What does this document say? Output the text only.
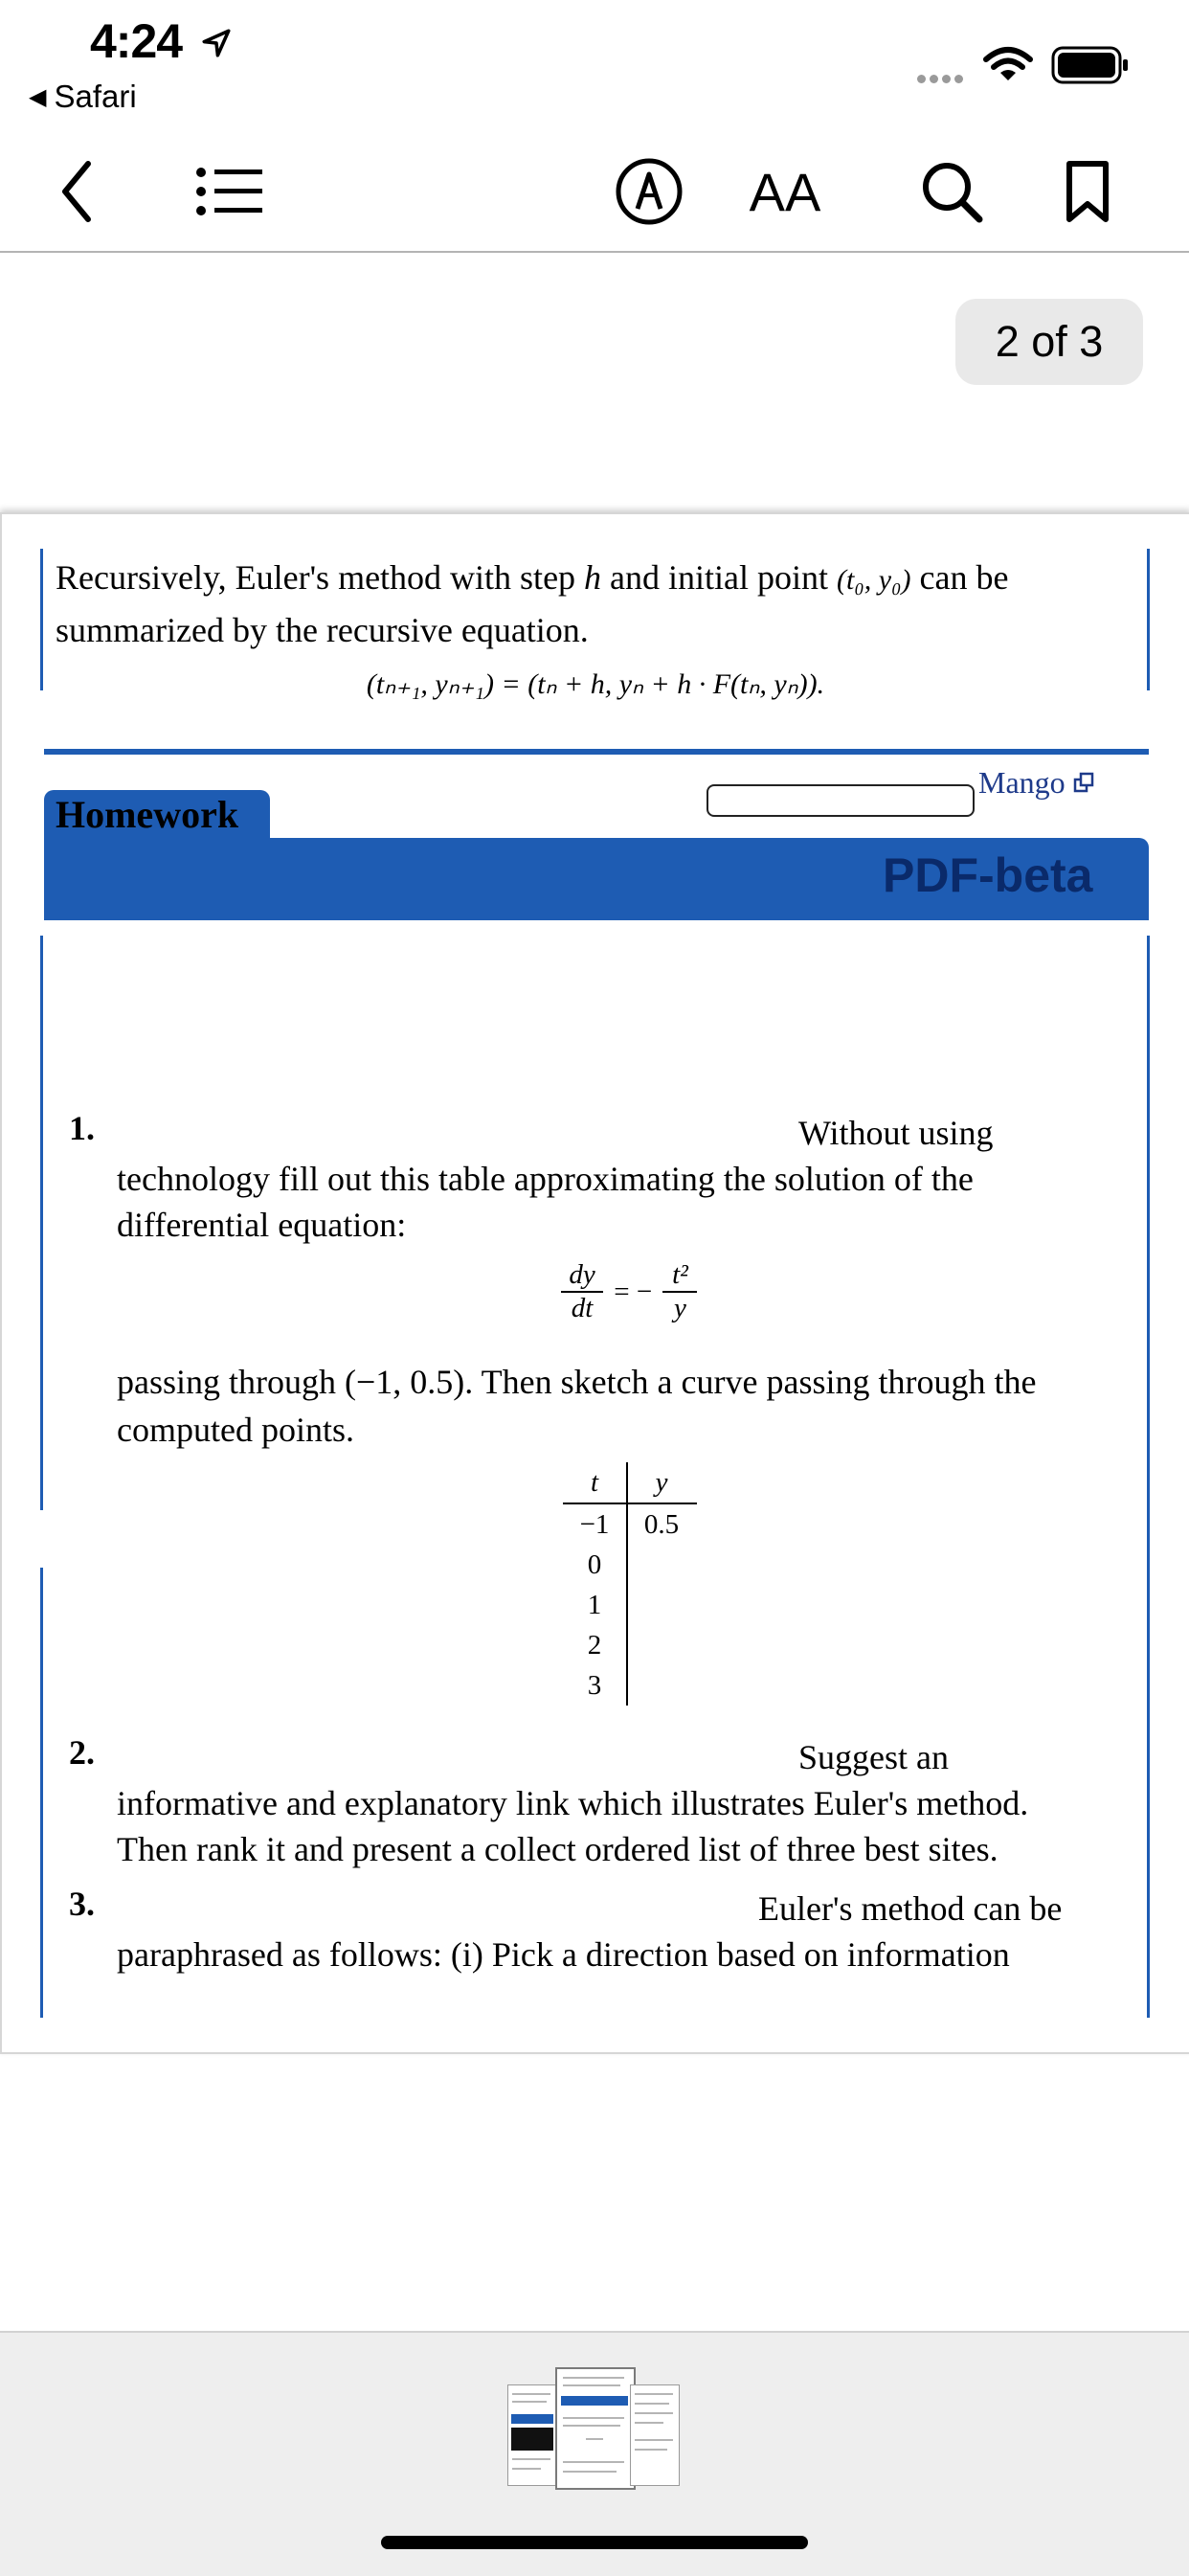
4:24
◀ Safari
AA
2 of 3
Recursively, Euler's method with step h and initial point (t₀, y₀) can be
summarized by the recursive equation.
(tₙ₊₁, yₙ₊₁) = (tₙ + h, yₙ + h · F(tₙ, yₙ)).
Homework
Mango
PDF-beta
1.	Without using
technology fill out this table approximating the solution of the
differential equation:
$\frac{dy}{dt}$ = − $\frac{\text{t²}}{y}$
passing through (−1, 0.5). Then sketch a curve passing through the
computed points.
t	y
−1	0.5
0
1
2
3
2.	Suggest an
informative and explanatory link which illustrates Euler's method.
Then rank it and present a collect ordered list of three best sites.
3.	Euler's method can be
paraphrased as follows: (i) Pick a direction based on information
